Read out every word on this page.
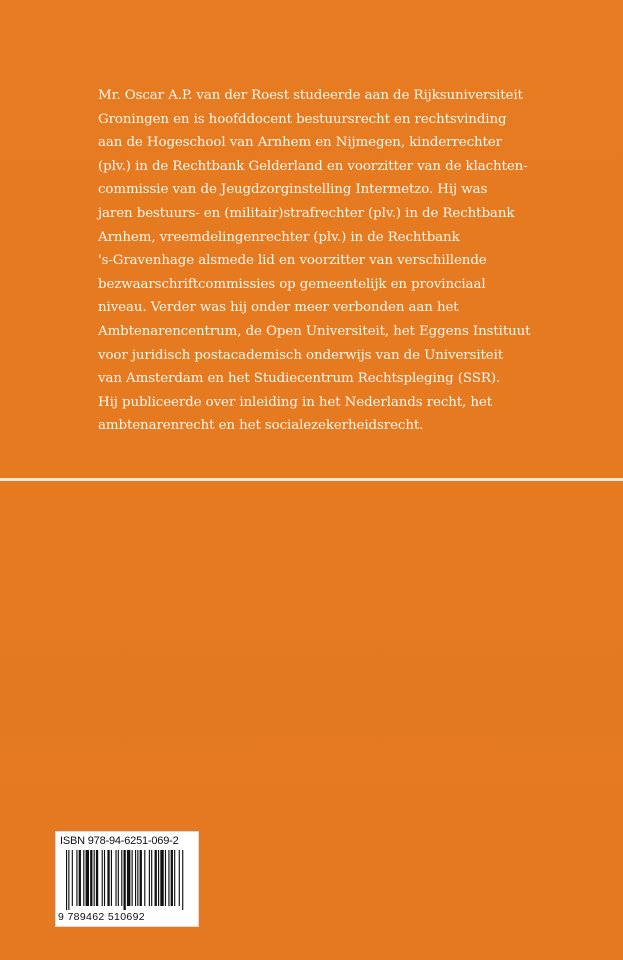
Mr. Oscar A.P. van der Roest studeerde aan de Rijksuniversiteit
Groningen en is hoofddocent bestuursrecht en rechtsvinding
aan de Hogeschool van Arnhem en Nijmegen, kinderrechter
(plv.) in de Rechtbank Gelderland en voorzitter van de klachten-
commissie van de Jeugdzorginstelling Intermetzo. Hij was
jaren bestuurs- en (militair)strafrechter (plv.) in de Rechtbank
Arnhem, vreemdelingenrechter (plv.) in de Rechtbank
's-Gravenhage alsmede lid en voorzitter van verschillende
bezwaarschriftcommissies op gemeentelijk en provinciaal
niveau. Verder was hij onder meer verbonden aan het
Ambtenarencentrum, de Open Universiteit, het Eggens Instituut
voor juridisch postacademisch onderwijs van de Universiteit
van Amsterdam en het Studiecentrum Rechtspleging (SSR).
Hij publiceerde over inleiding in het Nederlands recht, het
ambtenarenrecht en het socialezekerheidsrecht.

ISBN 978-94-6251-069-2
9 789462 510692
